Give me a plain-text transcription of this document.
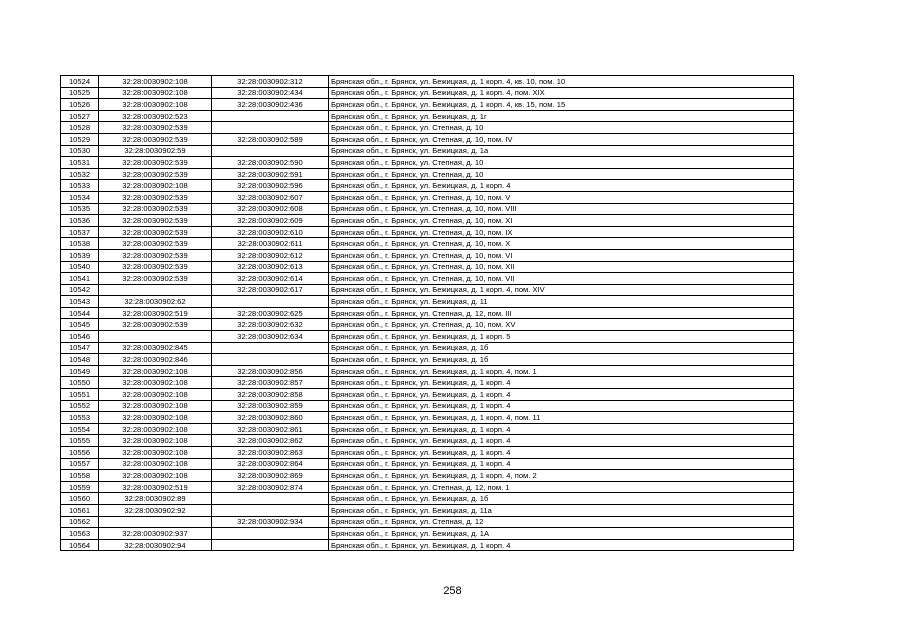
10524	32:28:0030902:108	32:28:0030902:312	Брянская обл., г. Брянск, ул. Бежицкая, д. 1 корп. 4, кв. 10, пом. 10
10525	32:28:0030902:108	32:28:0030902:434	Брянская обл., г. Брянск, ул. Бежицкая, д. 1 корп. 4, пом. XIX
10526	32:28:0030902:108	32:28:0030902:436	Брянская обл., г. Брянск, ул. Бежицкая, д. 1 корп. 4, кв. 15, пом. 15
10527	32:28:0030902:523		Брянская обл., г. Брянск, ул. Бежицкая, д. 1г
10528	32:28:0030902:539		Брянская обл., г. Брянск, ул. Степная, д. 10
10529	32:28:0030902:539	32:28:0030902:589	Брянская обл., г. Брянск, ул. Степная, д. 10, пом. IV
10530	32:28:0030902:59		Брянская обл., г. Брянск, ул. Бежицкая, д. 1а
10531	32:28:0030902:539	32:28:0030902:590	Брянская обл., г. Брянск, ул. Степная, д. 10
10532	32:28:0030902:539	32:28:0030902:591	Брянская обл., г. Брянск, ул. Степная, д. 10
10533	32:28:0030902:108	32:28:0030902:596	Брянская обл., г. Брянск, ул. Бежицкая, д. 1 корп. 4
10534	32:28:0030902:539	32:28:0030902:607	Брянская обл., г. Брянск, ул. Степная, д. 10, пом. V
10535	32:28:0030902:539	32:28:0030902:608	Брянская обл., г. Брянск, ул. Степная, д. 10, пом. VIII
10536	32:28:0030902:539	32:28:0030902:609	Брянская обл., г. Брянск, ул. Степная, д. 10, пом. XI
10537	32:28:0030902:539	32:28:0030902:610	Брянская обл., г. Брянск, ул. Степная, д. 10, пом. IX
10538	32:28:0030902:539	32:28:0030902:611	Брянская обл., г. Брянск, ул. Степная, д. 10, пом. X
10539	32:28:0030902:539	32:28:0030902:612	Брянская обл., г. Брянск, ул. Степная, д. 10, пом. VI
10540	32:28:0030902:539	32:28:0030902:613	Брянская обл., г. Брянск, ул. Степная, д. 10, пом. XII
10541	32:28:0030902:539	32:28:0030902:614	Брянская обл., г. Брянск, ул. Степная, д. 10, пом. VII
10542		32:28:0030902:617	Брянская обл., г. Брянск, ул. Бежицкая, д. 1 корп. 4, пом. XIV
10543	32:28:0030902:62		Брянская обл., г. Брянск, ул. Бежицкая, д. 11
10544	32:28:0030902:519	32:28:0030902:625	Брянская обл., г. Брянск, ул. Степная, д. 12, пом. III
10545	32:28:0030902:539	32:28:0030902:632	Брянская обл., г. Брянск, ул. Степная, д. 10, пом. XV
10546		32:28:0030902:634	Брянская обл., г. Брянск, ул. Бежицкая, д. 1 корп. 5
10547	32:28:0030902:845		Брянская обл., г. Брянск, ул. Бежицкая, д. 1б
10548	32:28:0030902:846		Брянская обл., г. Брянск, ул. Бежицкая, д. 1б
10549	32:28:0030902:108	32:28:0030902:856	Брянская обл., г. Брянск, ул. Бежицкая, д. 1 корп. 4, пом. 1
10550	32:28:0030902:108	32:28:0030902:857	Брянская обл., г. Брянск, ул. Бежицкая, д. 1 корп. 4
10551	32:28:0030902:108	32:28:0030902:858	Брянская обл., г. Брянск, ул. Бежицкая, д. 1 корп. 4
10552	32:28:0030902:108	32:28:0030902:859	Брянская обл., г. Брянск, ул. Бежицкая, д. 1 корп. 4
10553	32:28:0030902:108	32:28:0030902:860	Брянская обл., г. Брянск, ул. Бежицкая, д. 1 корп. 4, пом. 11
10554	32:28:0030902:108	32:28:0030902:861	Брянская обл., г. Брянск, ул. Бежицкая, д. 1 корп. 4
10555	32:28:0030902:108	32:28:0030902:862	Брянская обл., г. Брянск, ул. Бежицкая, д. 1 корп. 4
10556	32:28:0030902:108	32:28:0030902:863	Брянская обл., г. Брянск, ул. Бежицкая, д. 1 корп. 4
10557	32:28:0030902:108	32:28:0030902:864	Брянская обл., г. Брянск, ул. Бежицкая, д. 1 корп. 4
10558	32:28:0030902:108	32:28:0030902:869	Брянская обл., г. Брянск, ул. Бежицкая, д. 1 корп. 4, пом. 2
10559	32:28:0030902:519	32:28:0030902:874	Брянская обл., г. Брянск, ул. Степная, д. 12, пом. 1
10560	32:28:0030902:89		Брянская обл., г. Брянск, ул. Бежицкая, д. 1б
10561	32:28:0030902:92		Брянская обл., г. Брянск, ул. Бежицкая, д. 11а
10562		32:28:0030902:934	Брянская обл., г. Брянск, ул. Степная, д. 12
10563	32:28:0030902:937		Брянская обл., г. Брянск, ул. Бежицкая, д. 1А
10564	32:28:0030902:94		Брянская обл., г. Брянск, ул. Бежицкая, д. 1 корп. 4
258
